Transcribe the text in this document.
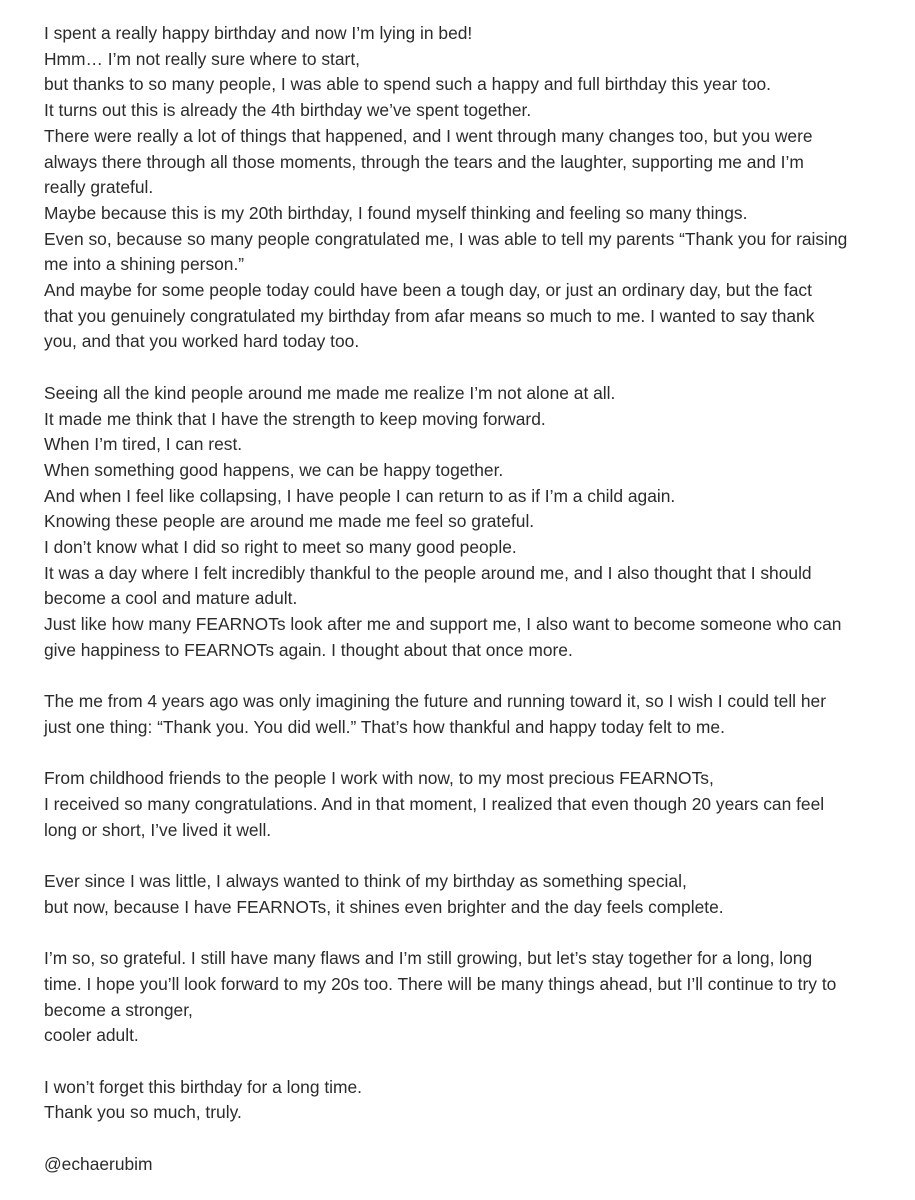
I spent a really happy birthday and now I’m lying in bed!
Hmm… I’m not really sure where to start,
but thanks to so many people, I was able to spend such a happy and full birthday this year too.
It turns out this is already the 4th birthday we’ve spent together.
There were really a lot of things that happened, and I went through many changes too, but you were
always there through all those moments, through the tears and the laughter, supporting me and I’m
really grateful.
Maybe because this is my 20th birthday, I found myself thinking and feeling so many things.
Even so, because so many people congratulated me, I was able to tell my parents “Thank you for raising
me into a shining person.”
And maybe for some people today could have been a tough day, or just an ordinary day, but the fact
that you genuinely congratulated my birthday from afar means so much to me. I wanted to say thank
you, and that you worked hard today too.
Seeing all the kind people around me made me realize I’m not alone at all.
It made me think that I have the strength to keep moving forward.
When I’m tired, I can rest.
When something good happens, we can be happy together.
And when I feel like collapsing, I have people I can return to as if I’m a child again.
Knowing these people are around me made me feel so grateful.
I don’t know what I did so right to meet so many good people.
It was a day where I felt incredibly thankful to the people around me, and I also thought that I should
become a cool and mature adult.
Just like how many FEARNOTs look after me and support me, I also want to become someone who can
give happiness to FEARNOTs again. I thought about that once more.
The me from 4 years ago was only imagining the future and running toward it, so I wish I could tell her
just one thing: “Thank you. You did well.” That’s how thankful and happy today felt to me.
From childhood friends to the people I work with now, to my most precious FEARNOTs,
I received so many congratulations. And in that moment, I realized that even though 20 years can feel
long or short, I’ve lived it well.
Ever since I was little, I always wanted to think of my birthday as something special,
but now, because I have FEARNOTs, it shines even brighter and the day feels complete.
I’m so, so grateful. I still have many flaws and I’m still growing, but let’s stay together for a long, long
time. I hope you’ll look forward to my 20s too. There will be many things ahead, but I’ll continue to try to
become a stronger,
cooler adult.
I won’t forget this birthday for a long time.
Thank you so much, truly.
@echaerubim
